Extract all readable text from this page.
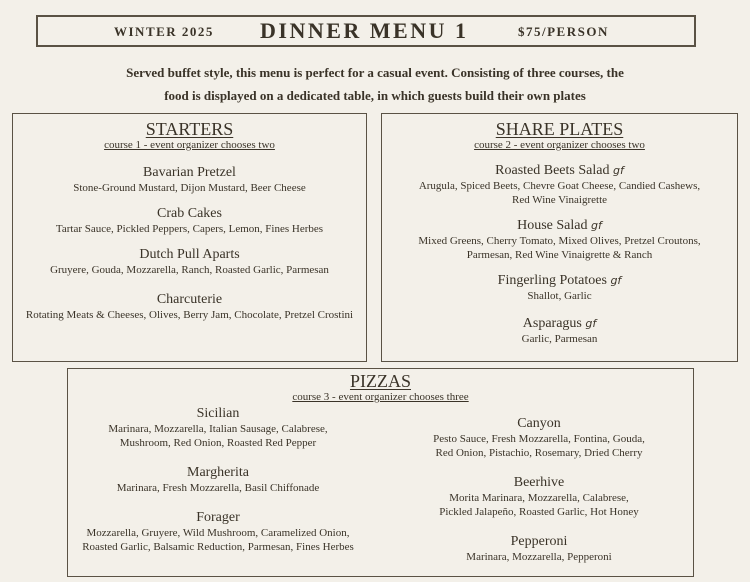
WINTER 2025 DINNER MENU 1	$75/PERSON
Served buffet style, this menu is perfect for a casual event. Consisting of three courses, the
food is displayed on a dedicated table, in which guests build their own plates
STARTERS
course 1 - event organizer chooses two
Bavarian Pretzel
Stone-Ground Mustard, Dijon Mustard, Beer Cheese
Crab Cakes
Tartar Sauce, Pickled Peppers, Capers, Lemon, Fines Herbes
Dutch Pull Aparts
Gruyere, Gouda, Mozzarella, Ranch, Roasted Garlic, Parmesan
Charcuterie
Rotating Meats & Cheeses, Olives, Berry Jam, Chocolate, Pretzel Crostini
SHARE PLATES
course 2 - event organizer chooses two
Roasted Beets Salad gf
Arugula, Spiced Beets, Chevre Goat Cheese, Candied Cashews,
Red Wine Vinaigrette
House Salad gf
Mixed Greens, Cherry Tomato, Mixed Olives, Pretzel Croutons,
Parmesan, Red Wine Vinaigrette & Ranch
Fingerling Potatoes gf
Shallot, Garlic
Asparagus gf
Garlic, Parmesan
PIZZAS
course 3 - event organizer chooses three
Sicilian
Marinara, Mozzarella, Italian Sausage, Calabrese,
Mushroom, Red Onion, Roasted Red Pepper
Margherita
Marinara, Fresh Mozzarella, Basil Chiffonade
Forager
Mozzarella, Gruyere, Wild Mushroom, Caramelized Onion,
Roasted Garlic, Balsamic Reduction, Parmesan, Fines Herbes
Canyon
Pesto Sauce, Fresh Mozzarella, Fontina, Gouda,
Red Onion, Pistachio, Rosemary, Dried Cherry
Beerhive
Morita Marinara, Mozzarella, Calabrese,
Pickled Jalapeño, Roasted Garlic, Hot Honey
Pepperoni
Marinara, Mozzarella, Pepperoni
